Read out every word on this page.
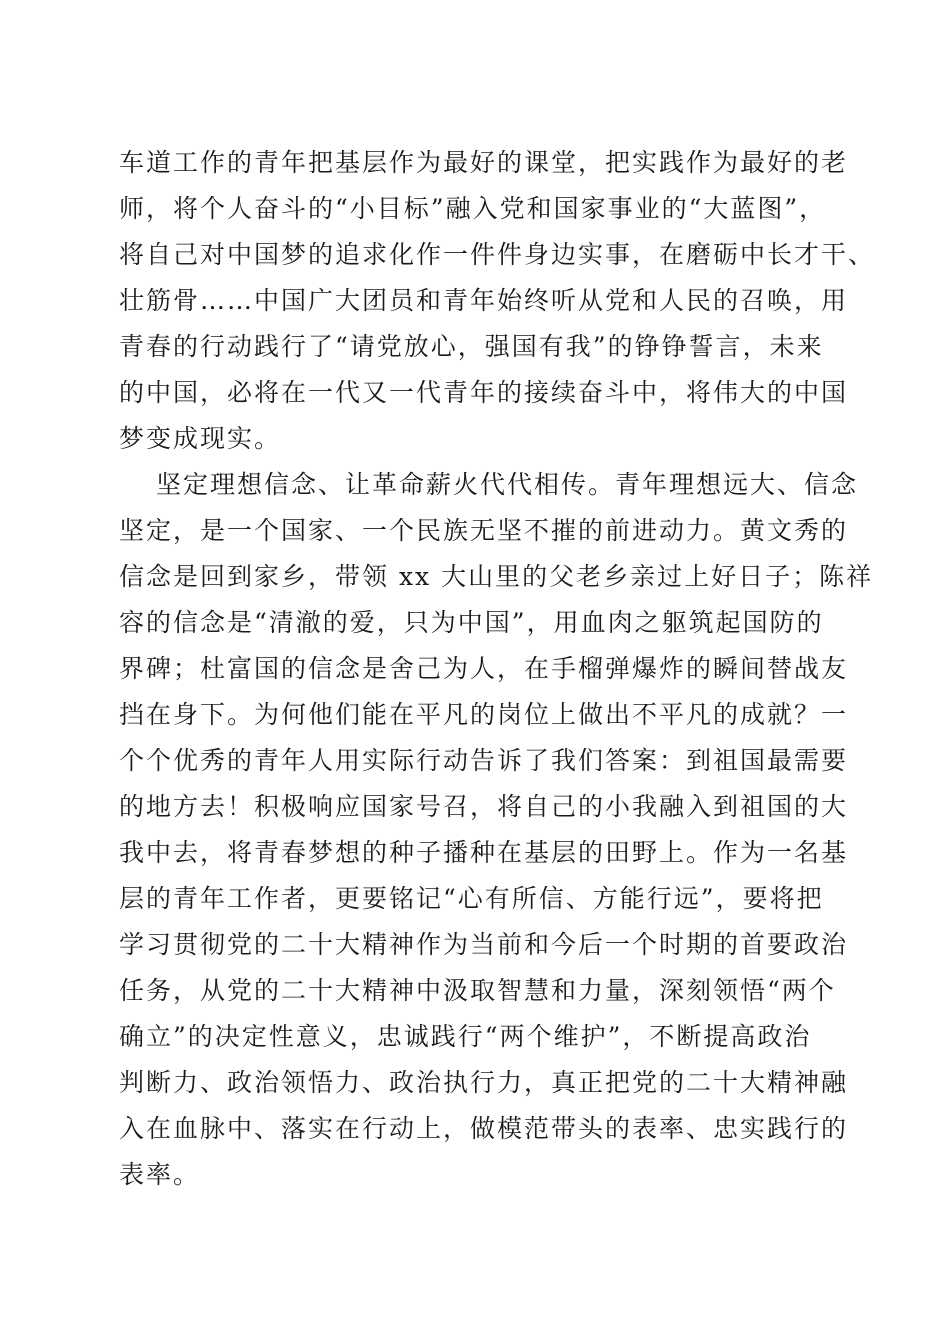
车道工作的青年把基层作为最好的课堂，把实践作为最好的老
师，将个人奋斗的“小目标”融入党和国家事业的“大蓝图”，
将自己对中国梦的追求化作一件件身边实事，在磨砺中长才干、
壮筋骨……中国广大团员和青年始终听从党和人民的召唤，用
青春的行动践行了“请党放心，强国有我”的铮铮誓言，未来
的中国，必将在一代又一代青年的接续奋斗中，将伟大的中国
梦变成现实。
坚定理想信念、让革命薪火代代相传。青年理想远大、信念
坚定，是一个国家、一个民族无坚不摧的前进动力。黄文秀的
信念是回到家乡，带领 xx 大山里的父老乡亲过上好日子；陈祥
容的信念是“清澈的爱，只为中国”，用血肉之躯筑起国防的
界碑；杜富国的信念是舍己为人，在手榴弹爆炸的瞬间替战友
挡在身下。为何他们能在平凡的岗位上做出不平凡的成就？一
个个优秀的青年人用实际行动告诉了我们答案：到祖国最需要
的地方去！积极响应国家号召，将自己的小我融入到祖国的大
我中去，将青春梦想的种子播种在基层的田野上。作为一名基
层的青年工作者，更要铭记“心有所信、方能行远”，要将把
学习贯彻党的二十大精神作为当前和今后一个时期的首要政治
任务，从党的二十大精神中汲取智慧和力量，深刻领悟“两个
确立”的决定性意义，忠诚践行“两个维护”，不断提高政治
判断力、政治领悟力、政治执行力，真正把党的二十大精神融
入在血脉中、落实在行动上，做模范带头的表率、忠实践行的
表率。
